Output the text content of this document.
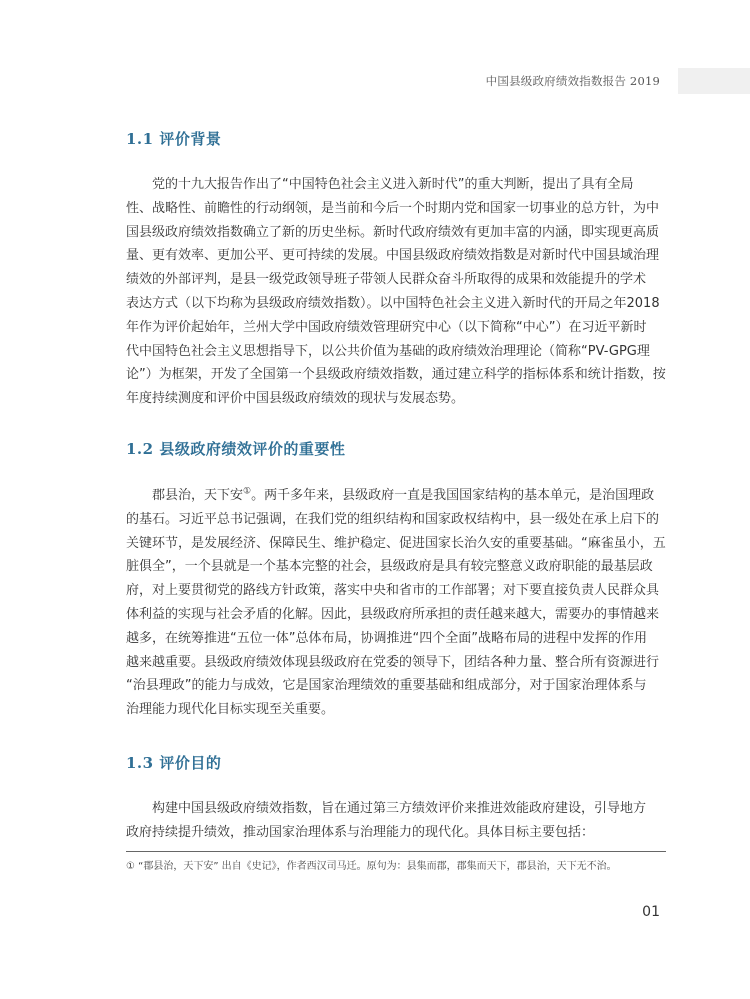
中国县级政府绩效指数报告 2019
1.1 评价背景

党的十九大报告作出了“中国特色社会主义进入新时代”的重大判断，提出了具有全局
性、战略性、前瞻性的行动纲领，是当前和今后一个时期内党和国家一切事业的总方针，为中
国县级政府绩效指数确立了新的历史坐标。新时代政府绩效有更加丰富的内涵，即实现更高质
量、更有效率、更加公平、更可持续的发展。中国县级政府绩效指数是对新时代中国县域治理
绩效的外部评判，是县一级党政领导班子带领人民群众奋斗所取得的成果和效能提升的学术
表达方式（以下均称为县级政府绩效指数）。以中国特色社会主义进入新时代的开局之年2018
年作为评价起始年，兰州大学中国政府绩效管理研究中心（以下简称“中心”）在习近平新时
代中国特色社会主义思想指导下，以公共价值为基础的政府绩效治理理论（简称“PV-GPG理
论”）为框架，开发了全国第一个县级政府绩效指数，通过建立科学的指标体系和统计指数，按
年度持续测度和评价中国县级政府绩效的现状与发展态势。

1.2 县级政府绩效评价的重要性

郡县治，天下安①。两千多年来，县级政府一直是我国国家结构的基本单元，是治国理政
的基石。习近平总书记强调，在我们党的组织结构和国家政权结构中，县一级处在承上启下的
关键环节，是发展经济、保障民生、维护稳定、促进国家长治久安的重要基础。“麻雀虽小，五
脏俱全”，一个县就是一个基本完整的社会，县级政府是具有较完整意义政府职能的最基层政
府，对上要贯彻党的路线方针政策，落实中央和省市的工作部署；对下要直接负责人民群众具
体利益的实现与社会矛盾的化解。因此，县级政府所承担的责任越来越大，需要办的事情越来
越多，在统筹推进“五位一体”总体布局，协调推进“四个全面”战略布局的进程中发挥的作用
越来越重要。县级政府绩效体现县级政府在党委的领导下，团结各种力量、整合所有资源进行
“治县理政”的能力与成效，它是国家治理绩效的重要基础和组成部分，对于国家治理体系与
治理能力现代化目标实现至关重要。

1.3 评价目的

构建中国县级政府绩效指数，旨在通过第三方绩效评价来推进效能政府建设，引导地方
政府持续提升绩效，推动国家治理体系与治理能力的现代化。具体目标主要包括：

① “郡县治，天下安” 出自《史记》，作者西汉司马迁。原句为：县集而郡，郡集而天下，郡县治，天下无不治。
01
